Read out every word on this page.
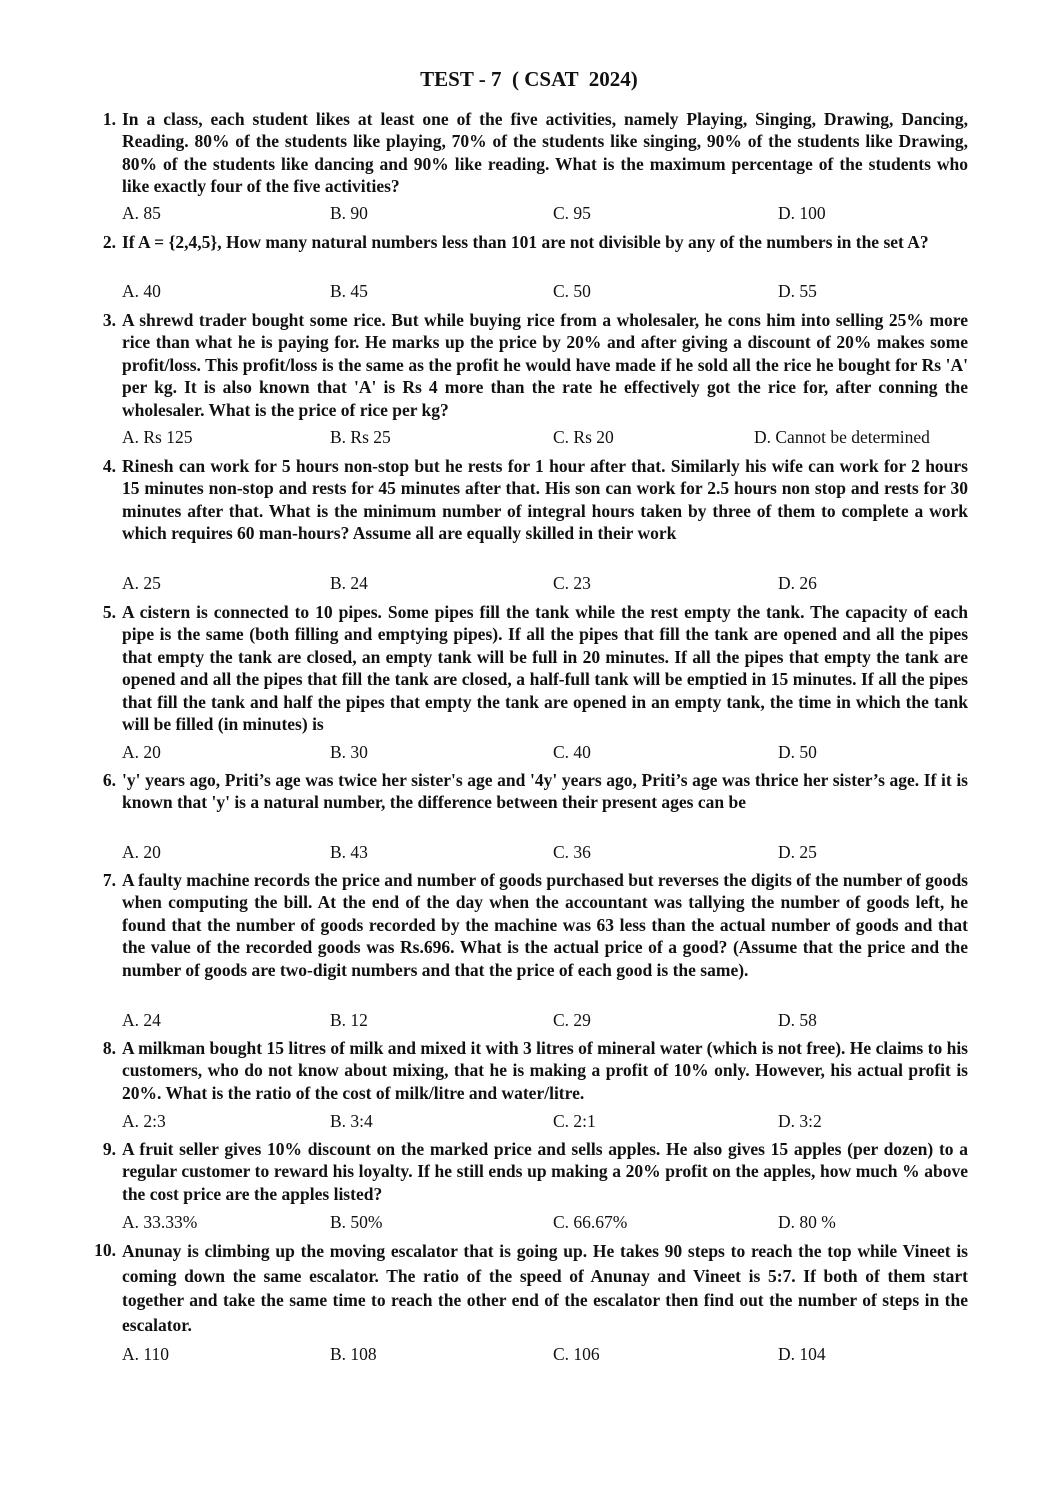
TEST - 7  ( CSAT  2024)
1. In a class, each student likes at least one of the five activities, namely Playing, Singing, Drawing, Dancing, Reading. 80% of the students like playing, 70% of the students like singing, 90% of the students like Drawing, 80% of the students like dancing and 90% like reading. What is the maximum percentage of the students who like exactly four of the five activities?
A. 85	B. 90	C. 95	D. 100
2. If A = {2,4,5}, How many natural numbers less than 101 are not divisible by any of the numbers in the set A?
A. 40	B. 45	C. 50	D. 55
3. A shrewd trader bought some rice. But while buying rice from a wholesaler, he cons him into selling 25% more rice than what he is paying for. He marks up the price by 20% and after giving a discount of 20% makes some profit/loss. This profit/loss is the same as the profit he would have made if he sold all the rice he bought for Rs 'A' per kg. It is also known that 'A' is Rs 4 more than the rate he effectively got the rice for, after conning the wholesaler. What is the price of rice per kg?
A. Rs 125	B. Rs 25	C. Rs 20	D. Cannot be determined
4. Rinesh can work for 5 hours non-stop but he rests for 1 hour after that. Similarly his wife can work for 2 hours 15 minutes non-stop and rests for 45 minutes after that. His son can work for 2.5 hours non stop and rests for 30 minutes after that. What is the minimum number of integral hours taken by three of them to complete a work which requires 60 man-hours? Assume all are equally skilled in their work
A. 25	B. 24	C. 23	D. 26
5. A cistern is connected to 10 pipes. Some pipes fill the tank while the rest empty the tank. The capacity of each pipe is the same (both filling and emptying pipes). If all the pipes that fill the tank are opened and all the pipes that empty the tank are closed, an empty tank will be full in 20 minutes. If all the pipes that empty the tank are opened and all the pipes that fill the tank are closed, a half-full tank will be emptied in 15 minutes. If all the pipes that fill the tank and half the pipes that empty the tank are opened in an empty tank, the time in which the tank will be filled (in minutes) is
A. 20	B. 30	C. 40	D. 50
6. 'y' years ago, Priti’s age was twice her sister's age and '4y' years ago, Priti’s age was thrice her sister’s age. If it is known that 'y' is a natural number, the difference between their present ages can be
A. 20	B. 43	C. 36	D. 25
7. A faulty machine records the price and number of goods purchased but reverses the digits of the number of goods when computing the bill. At the end of the day when the accountant was tallying the number of goods left, he found that the number of goods recorded by the machine was 63 less than the actual number of goods and that the value of the recorded goods was Rs.696. What is the actual price of a good? (Assume that the price and the number of goods are two-digit numbers and that the price of each good is the same).
A. 24	B. 12	C. 29	D. 58
8. A milkman bought 15 litres of milk and mixed it with 3 litres of mineral water (which is not free). He claims to his customers, who do not know about mixing, that he is making a profit of 10% only. However, his actual profit is 20%. What is the ratio of the cost of milk/litre and water/litre.
A. 2:3	B. 3:4	C. 2:1	D. 3:2
9. A fruit seller gives 10% discount on the marked price and sells apples. He also gives 15 apples (per dozen) to a regular customer to reward his loyalty. If he still ends up making a 20% profit on the apples, how much % above the cost price are the apples listed?
A. 33.33%	B. 50%	C. 66.67%	D. 80 %
10. Anunay is climbing up the moving escalator that is going up. He takes 90 steps to reach the top while Vineet is coming down the same escalator. The ratio of the speed of Anunay and Vineet is 5:7. If both of them start together and take the same time to reach the other end of the escalator then find out the number of steps in the escalator.
A. 110	B. 108	C. 106	D. 104
